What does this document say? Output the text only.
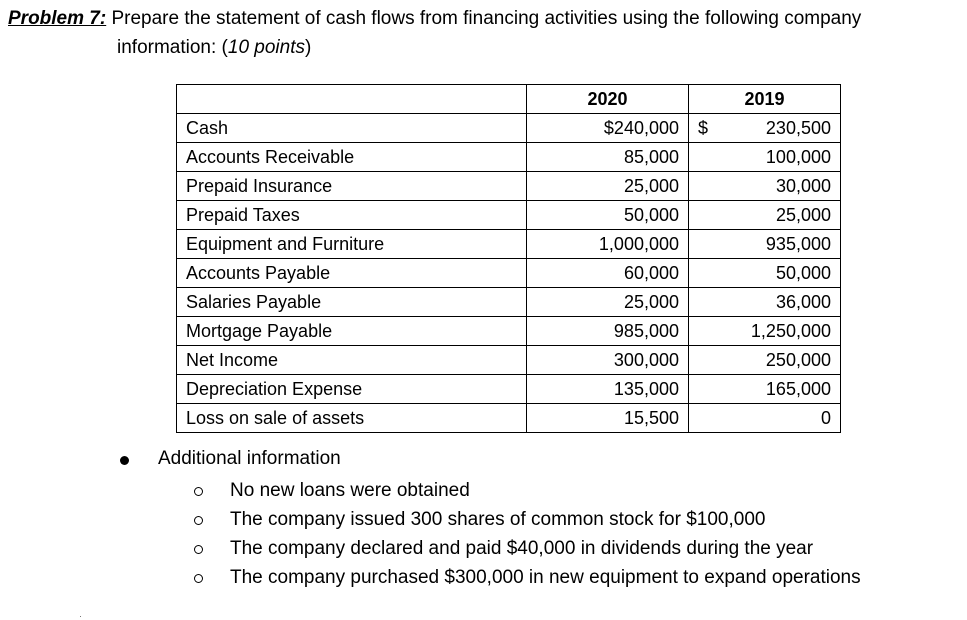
Problem 7: Prepare the statement of cash flows from financing activities using the following company
information: (10 points)
	2020	2019
Cash	$240,000	$ 230,500

Accounts Receivable	85,000	100,000
Prepaid Insurance	25,000	30,000
Prepaid Taxes	50,000	25,000
Equipment and Furniture	1,000,000	935,000
Accounts Payable	60,000	50,000
Salaries Payable	25,000	36,000
Mortgage Payable	985,000	1,250,000
Net Income	300,000	250,000
Depreciation Expense	135,000	165,000
Loss on sale of assets	15,500	0
Additional information
No new loans were obtained
The company issued 300 shares of common stock for $100,000
The company declared and paid $40,000 in dividends during the year
The company purchased $300,000 in new equipment to expand operations
